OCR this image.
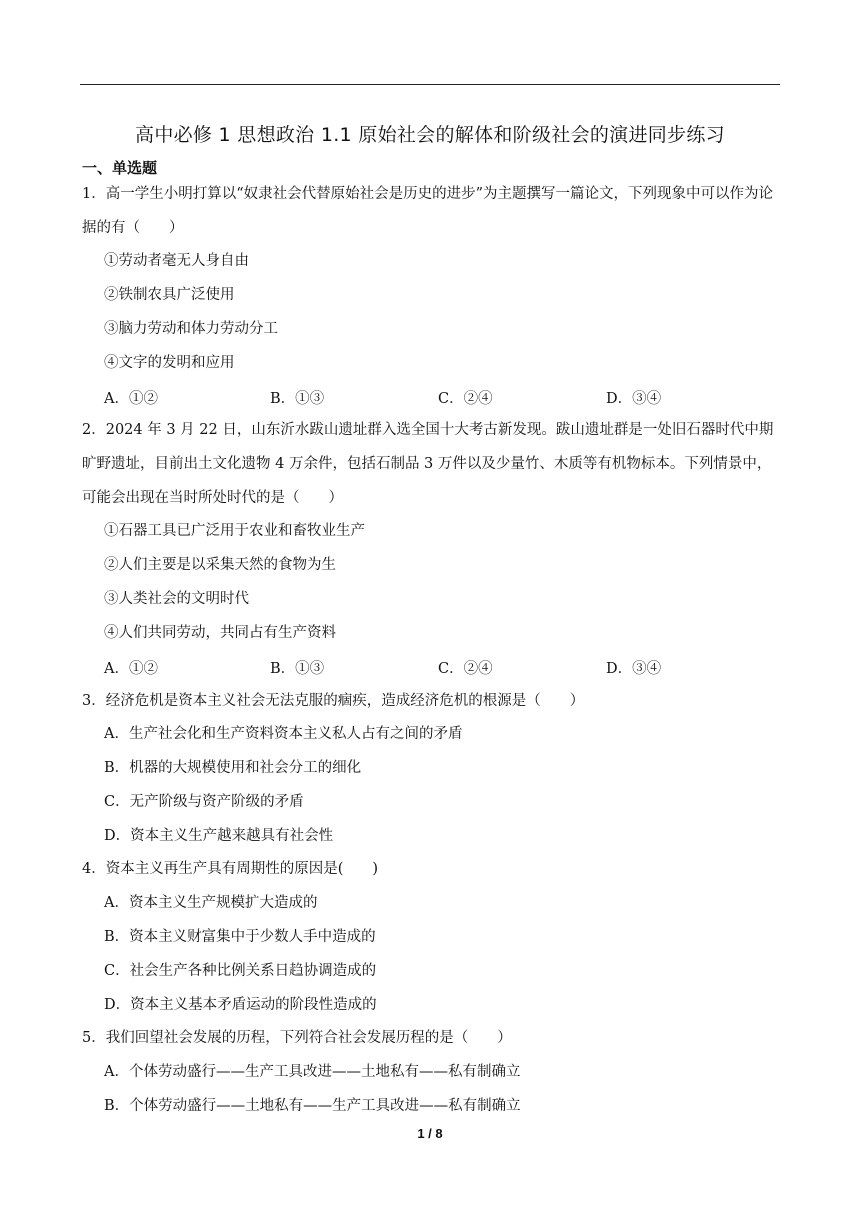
高中必修 1 思想政治 1.1 原始社会的解体和阶级社会的演进同步练习
一、单选题
1．高一学生小明打算以“奴隶社会代替原始社会是历史的进步”为主题撰写一篇论文，下列现象中可以作为论据的有（　　）
①劳动者毫无人身自由
②铁制农具广泛使用
③脑力劳动和体力劳动分工
④文字的发明和应用
A．①②	B．①③	C．②④	D．③④
2．2024 年 3 月 22 日，山东沂水跋山遗址群入选全国十大考古新发现。跋山遗址群是一处旧石器时代中期旷野遗址，目前出土文化遗物 4 万余件，包括石制品 3 万件以及少量竹、木质等有机物标本。下列情景中，可能会出现在当时所处时代的是（　　）
①石器工具已广泛用于农业和畜牧业生产
②人们主要是以采集天然的食物为生
③人类社会的文明时代
④人们共同劳动，共同占有生产资料
A．①②	B．①③	C．②④	D．③④
3．经济危机是资本主义社会无法克服的痼疾，造成经济危机的根源是（　　）
A．生产社会化和生产资料资本主义私人占有之间的矛盾
B．机器的大规模使用和社会分工的细化
C．无产阶级与资产阶级的矛盾
D．资本主义生产越来越具有社会性
4．资本主义再生产具有周期性的原因是(　　)
A．资本主义生产规模扩大造成的
B．资本主义财富集中于少数人手中造成的
C．社会生产各种比例关系日趋协调造成的
D．资本主义基本矛盾运动的阶段性造成的
5．我们回望社会发展的历程，下列符合社会发展历程的是（　　）
A．个体劳动盛行——生产工具改进——土地私有——私有制确立
B．个体劳动盛行——土地私有——生产工具改进——私有制确立
1 / 8
